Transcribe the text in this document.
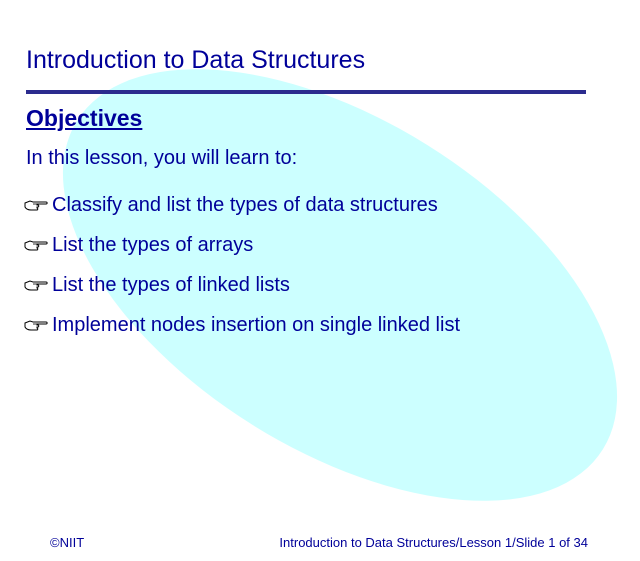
Introduction to Data Structures
Objectives
In this lesson, you will learn to:
Classify and list the types of data structures
List the types of arrays
List the types of linked lists
Implement nodes insertion on single linked list
©NIIT	Introduction to Data Structures/Lesson 1/Slide 1 of 34
